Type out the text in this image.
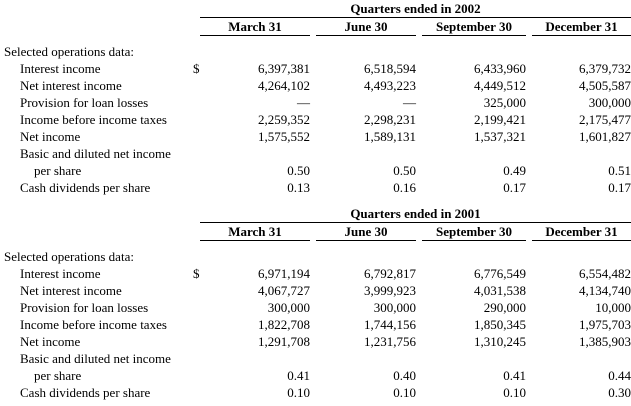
Quarters ended in 2002
March 31	June 30	September 30	December 31
Selected operations data:
Interest income	$	6,397,381	6,518,594	6,433,960	6,379,732
Net interest income	4,264,102	4,493,223	4,449,512	4,505,587
Provision for loan losses	—	—	325,000	300,000
Income before income taxes	2,259,352	2,298,231	2,199,421	2,175,477
Net income	1,575,552	1,589,131	1,537,321	1,601,827
Basic and diluted net income
per share	0.50	0.50	0.49	0.51
Cash dividends per share	0.13	0.16	0.17	0.17
Quarters ended in 2001
March 31	June 30	September 30	December 31
Selected operations data:
Interest income	$	6,971,194	6,792,817	6,776,549	6,554,482
Net interest income	4,067,727	3,999,923	4,031,538	4,134,740
Provision for loan losses	300,000	300,000	290,000	10,000
Income before income taxes	1,822,708	1,744,156	1,850,345	1,975,703
Net income	1,291,708	1,231,756	1,310,245	1,385,903
Basic and diluted net income
per share	0.41	0.40	0.41	0.44
Cash dividends per share	0.10	0.10	0.10	0.30
